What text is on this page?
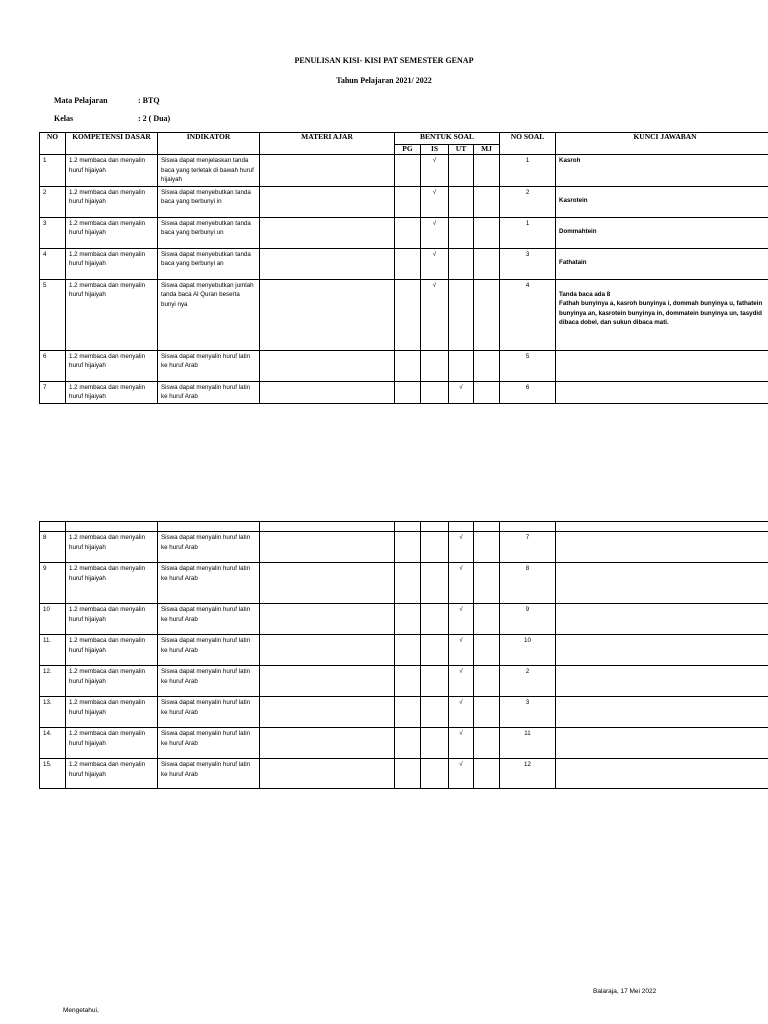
PENULISAN KISI- KISI PAT SEMESTER GENAP
Tahun Pelajaran 2021/ 2022
Mata Pelajaran	: BTQ
Kelas	: 2 ( Dua)
NO	KOMPETENSI DASAR	INDIKATOR	MATERI AJAR	BENTUK SOAL				NO SOAL	KUNCI JAWABAN
				PG	IS	UT	MJ		
1	1.2 membaca dan menyalin huruf hijaiyah	Siswa dapat menjelaskan tanda baca yang terletak di bawah huruf hijaiyah			√			1	Kasroh
2	1.2 membaca dan menyalin huruf hijaiyah	Siswa dapat menyebutkan tanda baca yang berbunyi in			√			2	Kasrotein
3	1.2 membaca dan menyalin huruf hijaiyah	Siswa dapat menyebutkan tanda baca yang berbunyi un			√			1	Dommahtein
4	1.2 membaca dan menyalin huruf hijaiyah	Siswa dapat menyebutkan tanda baca yang berbunyi an			√			3	Fathatain
5	1.2 membaca dan menyalin huruf hijaiyah	Siswa dapat menyebutkan jumlah tanda baca Al Quran beserta bunyi nya			√			4	Tanda baca ada 8
Fathah bunyinya a, kasroh bunyinya i, dommah bunyinya u, fathatein bunyinya an, kasrotein bunyinya in, dommatein bunyinya un, tasydid dibaca dobel, dan sukun dibaca mati.
6	1.2 membaca dan menyalin huruf hijaiyah	Siswa dapat menyalin huruf latin ke huruf Arab						5	
7	1.2 membaca dan menyalin huruf hijaiyah	Siswa dapat menyalin huruf latin ke huruf Arab				√		6	

8	1.2 membaca dan menyalin huruf hijaiyah	Siswa dapat menyalin huruf latin ke huruf Arab				√		7	
9	1.2 membaca dan menyalin huruf hijaiyah	Siswa dapat menyalin huruf latin ke huruf Arab				√		8	
10	1.2 membaca dan menyalin huruf hijaiyah	Siswa dapat menyalin huruf latin ke huruf Arab				√		9	
11.	1.2 membaca dan menyalin huruf hijaiyah	Siswa dapat menyalin huruf latin ke huruf Arab				√		10	
12.	1.2 membaca dan menyalin huruf hijaiyah	Siswa dapat menyalin huruf latin ke huruf Arab				√		2	
13.	1.2 membaca dan menyalin huruf hijaiyah	Siswa dapat menyalin huruf latin ke huruf Arab				√		3	
14.	1.2 membaca dan menyalin huruf hijaiyah	Siswa dapat menyalin huruf latin ke huruf Arab				√		11	
15.	1.2 membaca dan menyalin huruf hijaiyah	Siswa dapat menyalin huruf latin ke huruf Arab				√		12	
Balaraja, 17 Mei 2022
Mengetahui,
